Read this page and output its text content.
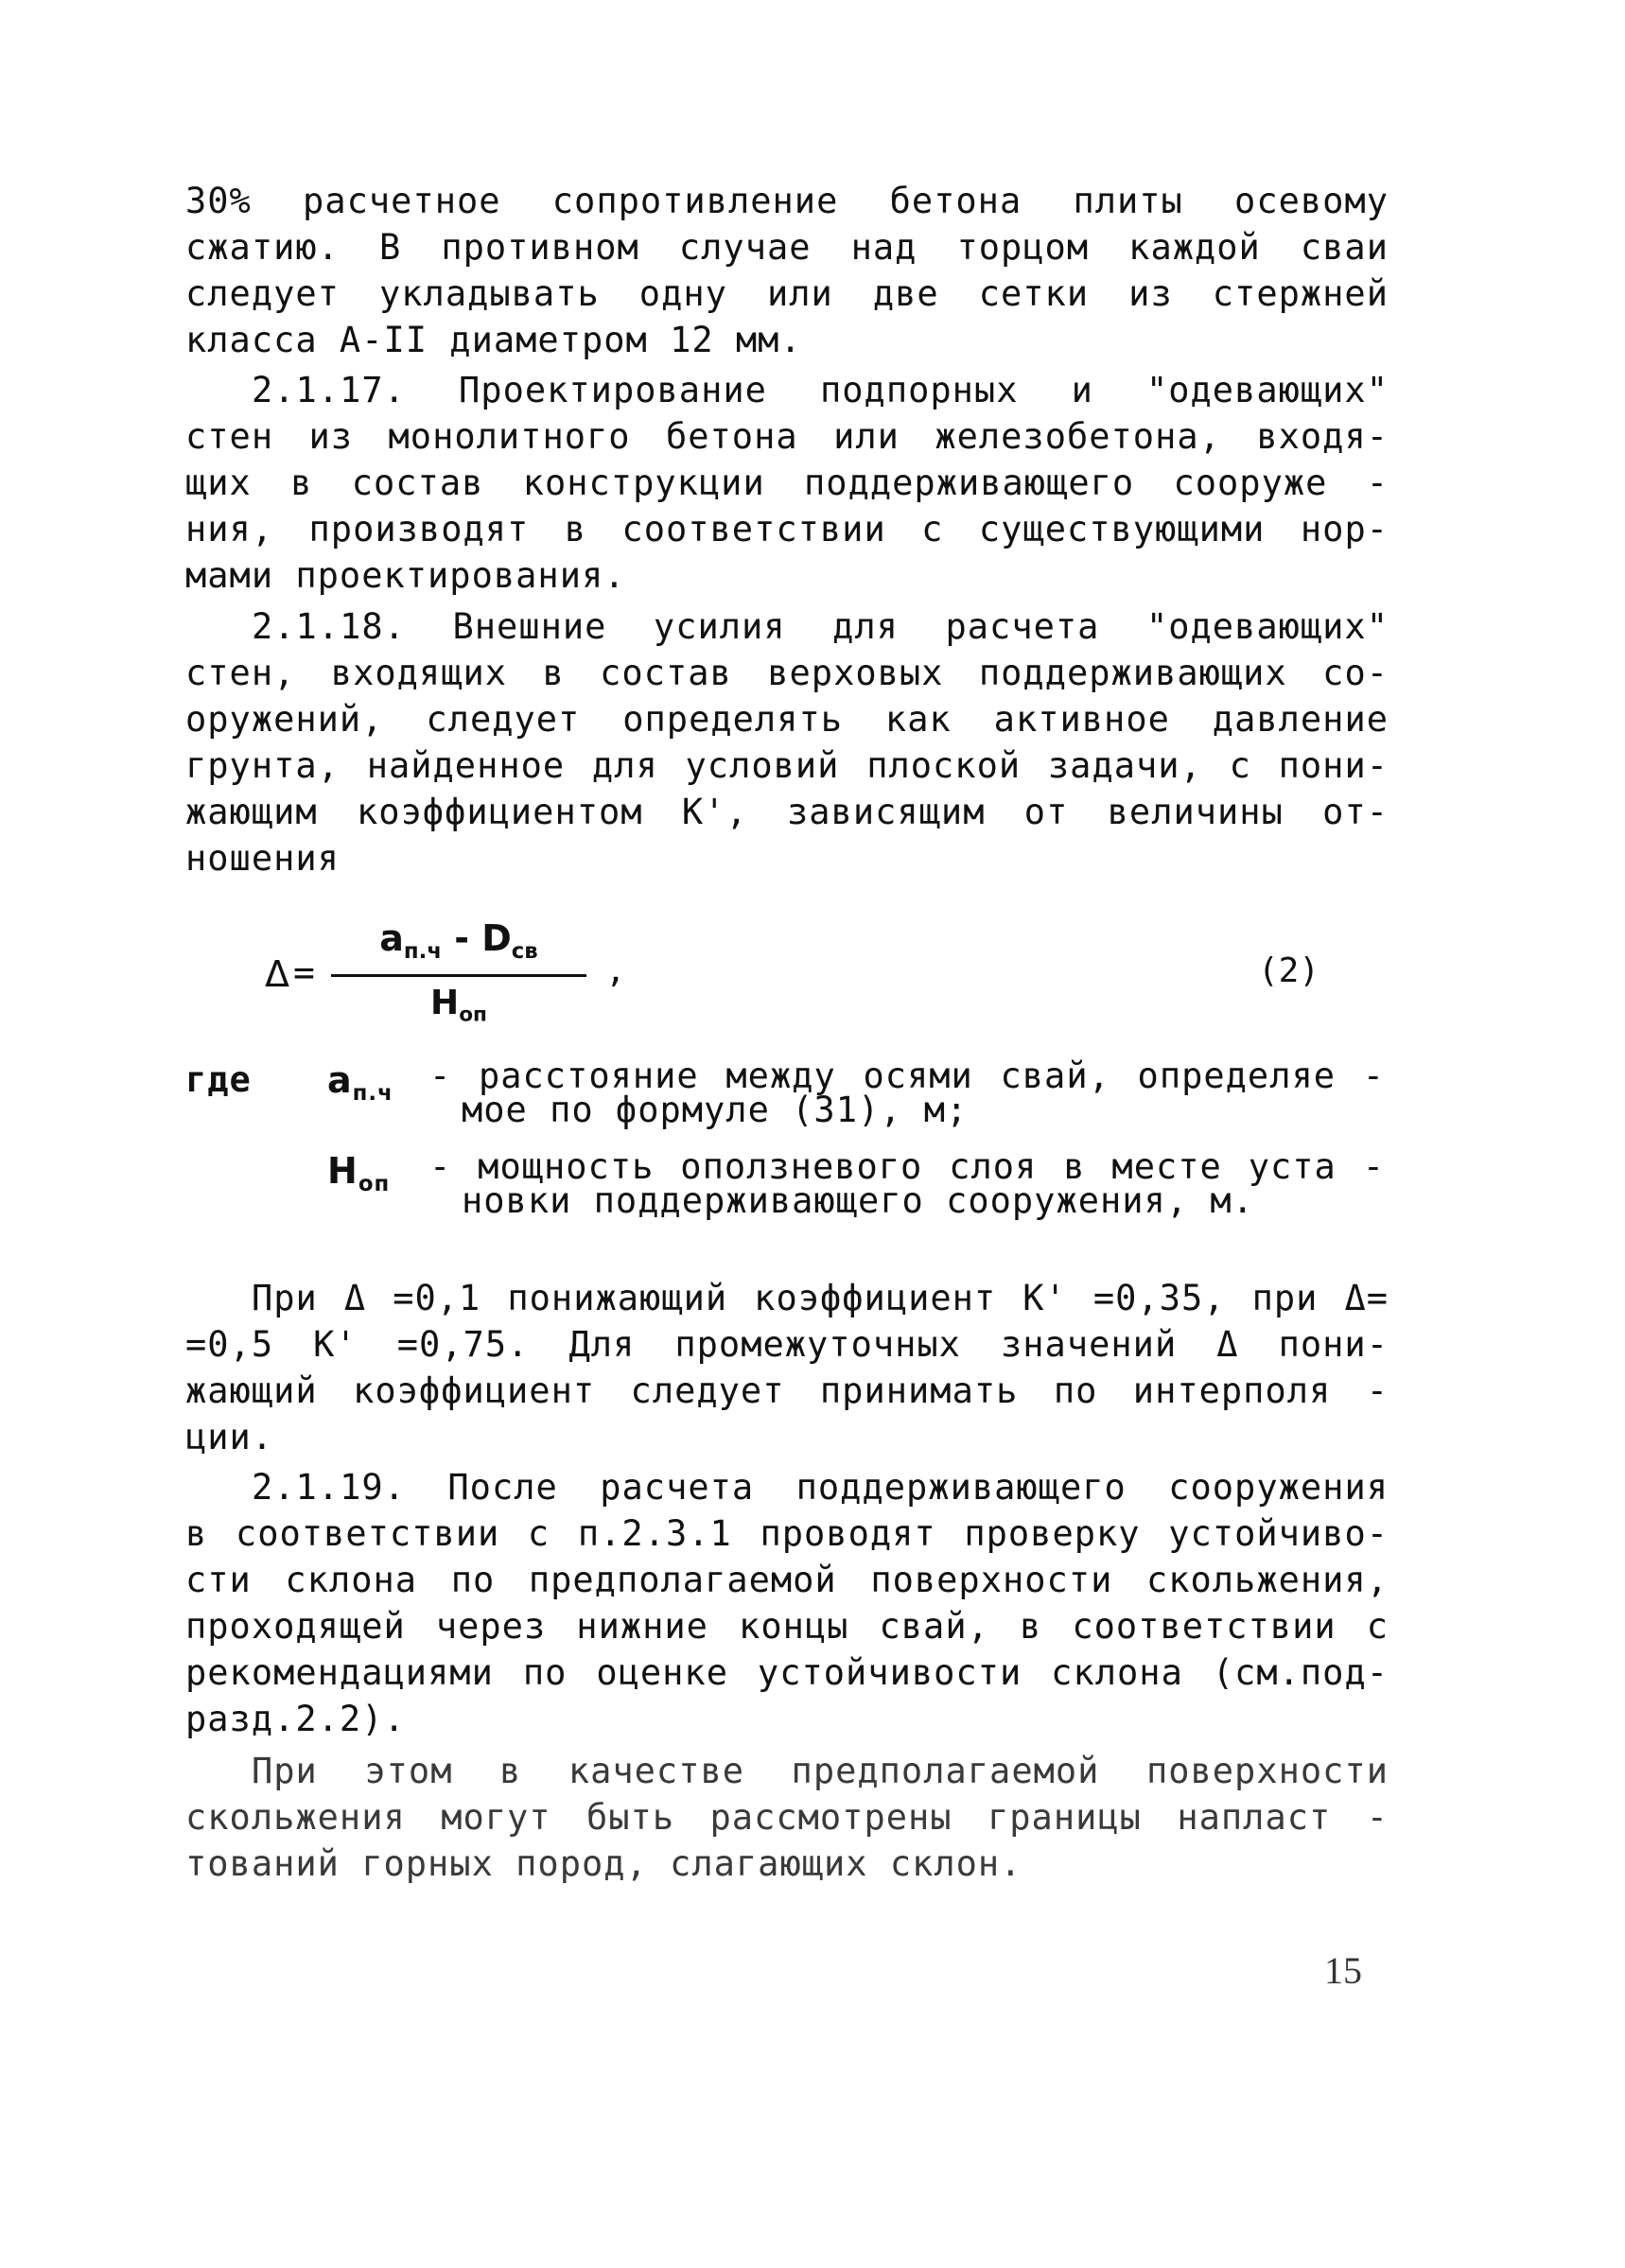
30% расчетное сопротивление бетона плиты осевому
сжатию. В противном случае над торцом каждой сваи
следует укладывать одну или две сетки из стержней
класса А-II диаметром 12 мм.
2.1.17. Проектирование подпорных и "одевающих"
стен из монолитного бетона или железобетона, входя-
щих в состав конструкции поддерживающего сооруже -
ния, производят в соответствии с существующими нор-
мами проектирования.
2.1.18. Внешние усилия для расчета "одевающих"
стен, входящих в состав верховых поддерживающих со-
оружений, следует определять как активное давление
грунта, найденное для условий плоской задачи, с пони-
жающим коэффициентом K', зависящим от величины от-
ношения
Δ =
$a_{п.ч} - D_{св}$
$H_{оп}$
,	(2)
где $a_{п.ч}$	- расстояние между осями свай, определяе -
мое по формуле (31), м;
$H_{оп}$	- мощность оползневого слоя в месте уста -
новки поддерживающего сооружения, м.
При Δ =0,1 понижающий коэффициент K' =0,35, при Δ=
=0,5 K' =0,75. Для промежуточных значений Δ пони-
жающий коэффициент следует принимать по интерполя -
ции.
2.1.19. После расчета поддерживающего сооружения
в соответствии с п.2.3.1 проводят проверку устойчиво-
сти склона по предполагаемой поверхности скольжения,
проходящей через нижние концы свай, в соответствии с
рекомендациями по оценке устойчивости склона (см.под-
разд.2.2).
При этом в качестве предполагаемой поверхности
скольжения могут быть рассмотрены границы напласт -
тований горных пород, слагающих склон.
15
